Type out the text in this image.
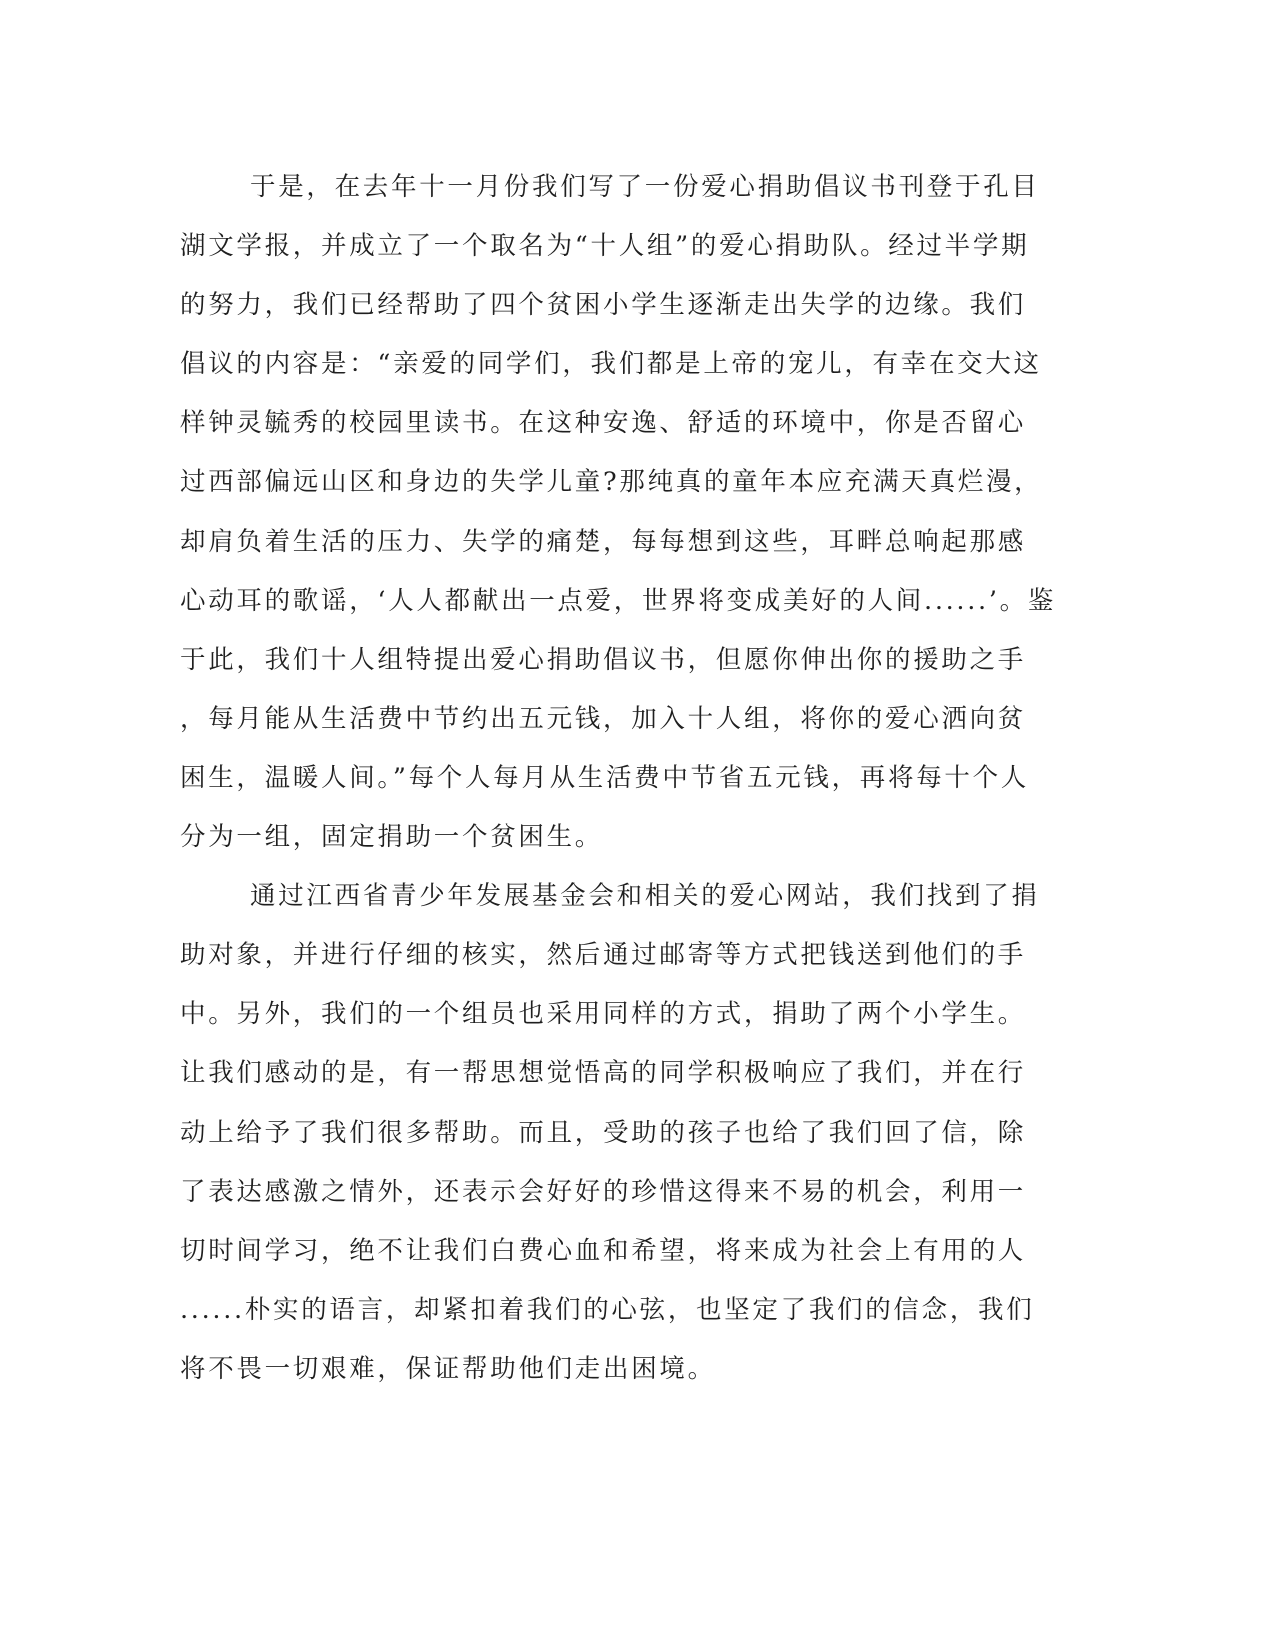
于是，在去年十一月份我们写了一份爱心捐助倡议书刊登于孔目
湖文学报，并成立了一个取名为“十人组”的爱心捐助队。经过半学期
的努力，我们已经帮助了四个贫困小学生逐渐走出失学的边缘。我们
倡议的内容是：“亲爱的同学们，我们都是上帝的宠儿，有幸在交大这
样钟灵毓秀的校园里读书。在这种安逸、舒适的环境中，你是否留心
过西部偏远山区和身边的失学儿童?那纯真的童年本应充满天真烂漫，
却肩负着生活的压力、失学的痛楚，每每想到这些，耳畔总响起那感
心动耳的歌谣，‘人人都献出一点爱，世界将变成美好的人间......’。鉴
于此，我们十人组特提出爱心捐助倡议书，但愿你伸出你的援助之手
，每月能从生活费中节约出五元钱，加入十人组，将你的爱心洒向贫
困生，温暖人间。”每个人每月从生活费中节省五元钱，再将每十个人
分为一组，固定捐助一个贫困生。
通过江西省青少年发展基金会和相关的爱心网站，我们找到了捐
助对象，并进行仔细的核实，然后通过邮寄等方式把钱送到他们的手
中。另外，我们的一个组员也采用同样的方式，捐助了两个小学生。
让我们感动的是，有一帮思想觉悟高的同学积极响应了我们，并在行
动上给予了我们很多帮助。而且，受助的孩子也给了我们回了信，除
了表达感激之情外，还表示会好好的珍惜这得来不易的机会，利用一
切时间学习，绝不让我们白费心血和希望，将来成为社会上有用的人
......朴实的语言，却紧扣着我们的心弦，也坚定了我们的信念，我们
将不畏一切艰难，保证帮助他们走出困境。
